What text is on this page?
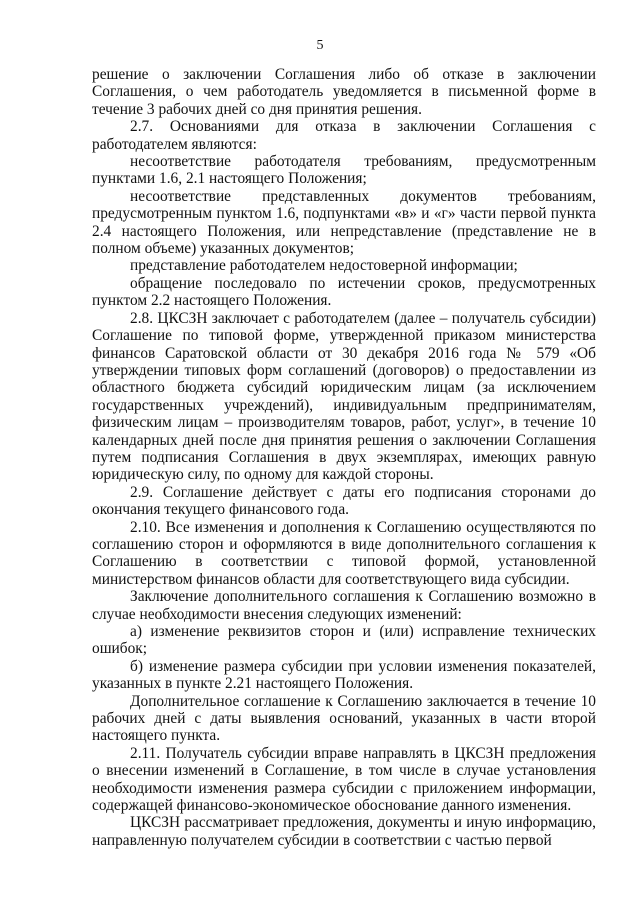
5

решение о заключении Соглашения либо об отказе в заключении Соглашения, о чем работодатель уведомляется в письменной форме в течение 3 рабочих дней со дня принятия решения.

2.7. Основаниями для отказа в заключении Соглашения с работодателем являются:

несоответствие работодателя требованиям, предусмотренным пунктами 1.6, 2.1 настоящего Положения;

несоответствие представленных документов требованиям, предусмотренным пунктом 1.6, подпунктами «в» и «г» части первой пункта 2.4 настоящего Положения, или непредставление (представление не в полном объеме) указанных документов;

представление работодателем недостоверной информации;

обращение последовало по истечении сроков, предусмотренных пунктом 2.2 настоящего Положения.

2.8. ЦКСЗН заключает с работодателем (далее – получатель субсидии) Соглашение по типовой форме, утвержденной приказом министерства финансов Саратовской области от 30 декабря 2016 года № 579 «Об утверждении типовых форм соглашений (договоров) о предоставлении из областного бюджета субсидий юридическим лицам (за исключением государственных учреждений), индивидуальным предпринимателям, физическим лицам – производителям товаров, работ, услуг», в течение 10 календарных дней после дня принятия решения о заключении Соглашения путем подписания Соглашения в двух экземплярах, имеющих равную юридическую силу, по одному для каждой стороны.

2.9. Соглашение действует с даты его подписания сторонами до окончания текущего финансового года.

2.10. Все изменения и дополнения к Соглашению осуществляются по соглашению сторон и оформляются в виде дополнительного соглашения к Соглашению в соответствии с типовой формой, установленной министерством финансов области для соответствующего вида субсидии.

Заключение дополнительного соглашения к Соглашению возможно в случае необходимости внесения следующих изменений:

а) изменение реквизитов сторон и (или) исправление технических ошибок;

б) изменение размера субсидии при условии изменения показателей, указанных в пункте 2.21 настоящего Положения.

Дополнительное соглашение к Соглашению заключается в течение 10 рабочих дней с даты выявления оснований, указанных в части второй настоящего пункта.

2.11. Получатель субсидии вправе направлять в ЦКСЗН предложения о внесении изменений в Соглашение, в том числе в случае установления необходимости изменения размера субсидии с приложением информации, содержащей финансово-экономическое обоснование данного изменения.

ЦКСЗН рассматривает предложения, документы и иную информацию, направленную получателем субсидии в соответствии с частью первой
